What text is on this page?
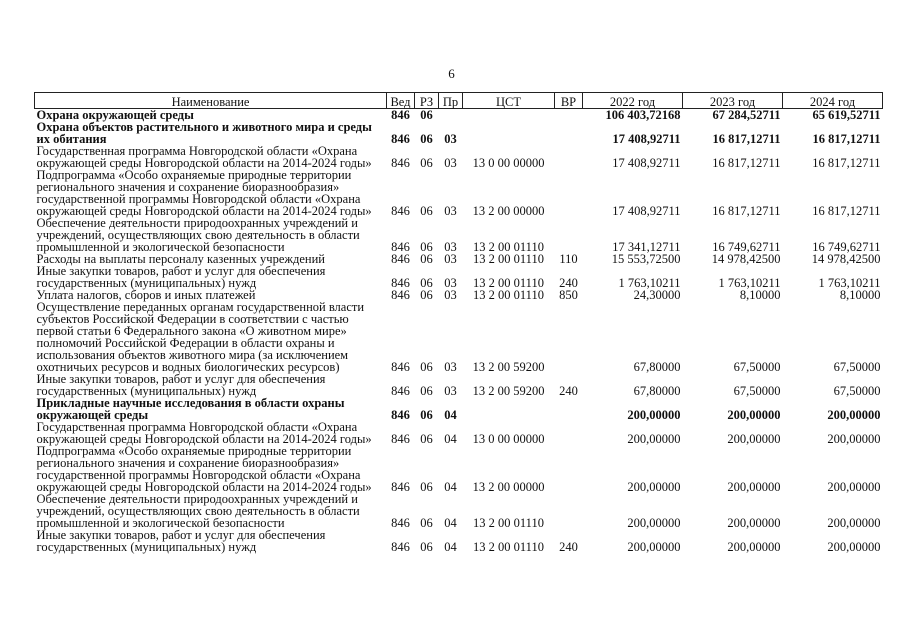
6
Наименование	Вед	РЗ	Пр	ЦСТ	ВР	2022 год	2023 год	2024 год
Охрана окружающей среды	846	06				106 403,72168	67 284,52711	65 619,52711
Охрана объектов растительного и животного мира и среды их обитания	846	06	03			17 408,92711	16 817,12711	16 817,12711
Государственная программа Новгородской области «Охрана окружающей среды Новгородской области на 2014-2024 годы»	846	06	03	13 0 00 00000		17 408,92711	16 817,12711	16 817,12711
Подпрограмма «Особо охраняемые природные территории регионального значения и сохранение биоразнообразия» государственной программы Новгородской области «Охрана окружающей среды Новгородской области на 2014-2024 годы»	846	06	03	13 2 00 00000		17 408,92711	16 817,12711	16 817,12711
Обеспечение деятельности природоохранных учреждений и учреждений, осуществляющих свою деятельность в области промышленной и экологической безопасности	846	06	03	13 2 00 01110		17 341,12711	16 749,62711	16 749,62711
Расходы на выплаты персоналу казенных учреждений	846	06	03	13 2 00 01110	110	15 553,72500	14 978,42500	14 978,42500
Иные закупки товаров, работ и услуг для обеспечения государственных (муниципальных) нужд	846	06	03	13 2 00 01110	240	1 763,10211	1 763,10211	1 763,10211
Уплата налогов, сборов и иных платежей	846	06	03	13 2 00 01110	850	24,30000	8,10000	8,10000
Осуществление переданных органам государственной власти субъектов Российской Федерации в соответствии с частью первой статьи 6 Федерального закона «О животном мире» полномочий Российской Федерации в области охраны и использования объектов животного мира (за исключением охотничьих ресурсов и водных биологических ресурсов)	846	06	03	13 2 00 59200		67,80000	67,50000	67,50000
Иные закупки товаров, работ и услуг для обеспечения государственных (муниципальных) нужд	846	06	03	13 2 00 59200	240	67,80000	67,50000	67,50000
Прикладные научные исследования в области охраны окружающей среды	846	06	04			200,00000	200,00000	200,00000
Государственная программа Новгородской области «Охрана окружающей среды Новгородской области на 2014-2024 годы»	846	06	04	13 0 00 00000		200,00000	200,00000	200,00000
Подпрограмма «Особо охраняемые природные территории регионального значения и сохранение биоразнообразия» государственной программы Новгородской области «Охрана окружающей среды Новгородской области на 2014-2024 годы»	846	06	04	13 2 00 00000		200,00000	200,00000	200,00000
Обеспечение деятельности природоохранных учреждений и учреждений, осуществляющих свою деятельность в области промышленной и экологической безопасности	846	06	04	13 2 00 01110		200,00000	200,00000	200,00000
Иные закупки товаров, работ и услуг для обеспечения государственных (муниципальных) нужд	846	06	04	13 2 00 01110	240	200,00000	200,00000	200,00000
